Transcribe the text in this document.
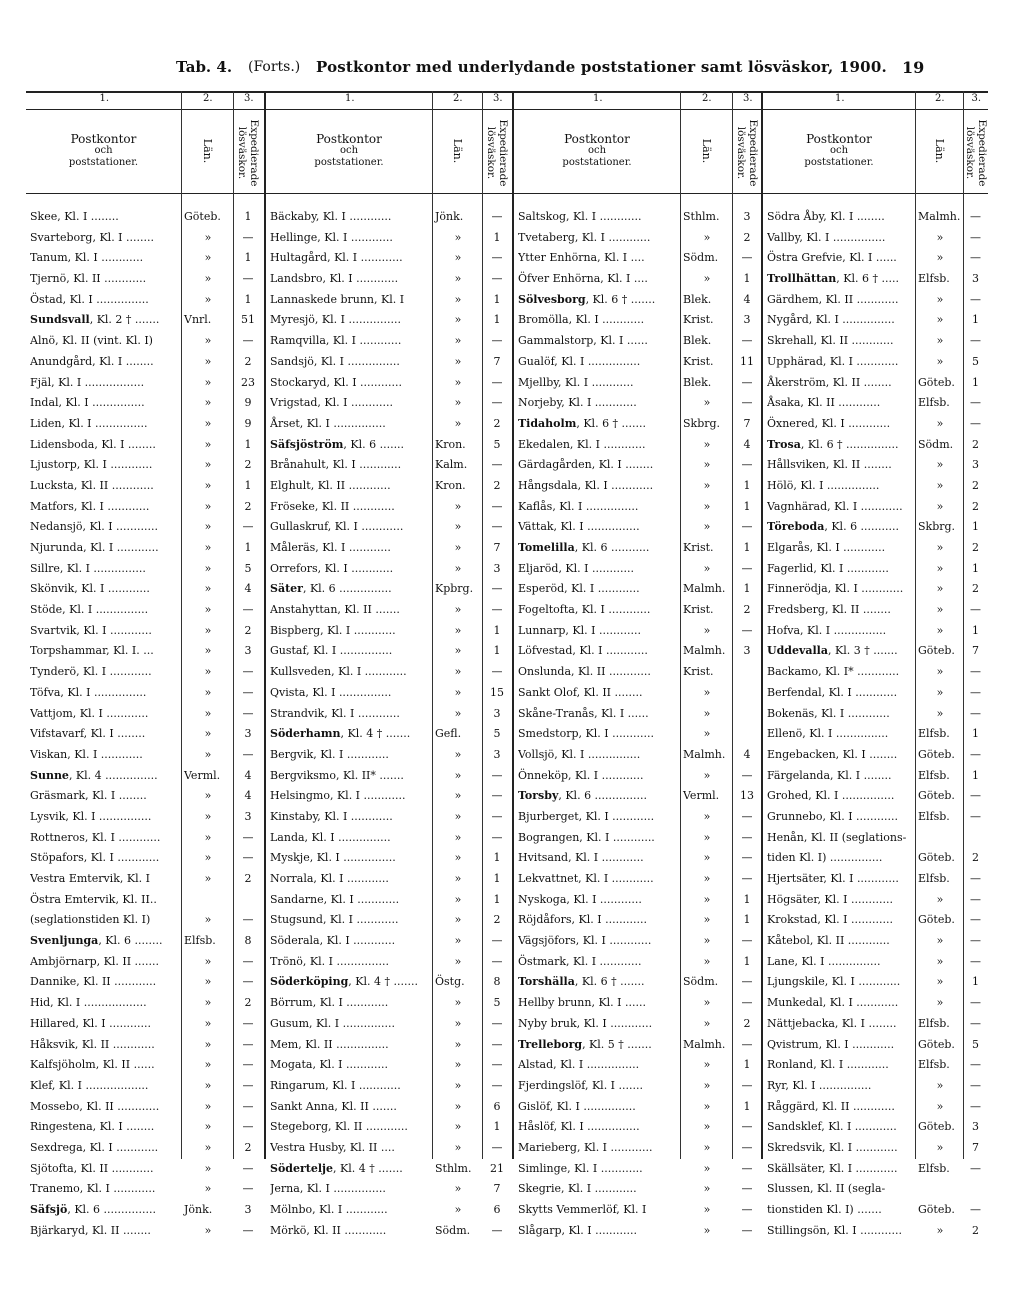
Tab. 4. (Forts.) Postkontor med underlydande poststationer samt lösväskor, 1900. 19
1.	2.	3.
Postkontor
och
poststationer.	Län.	Expedierade lösväskor.
Skee, Kl. I ........	Göteb.	1
Svarteborg, Kl. I ........	»	—
Tanum, Kl. I ............	»	1
Tjernö, Kl. II ............	»	—
Östad, Kl. I ...............	»	1
Sundsvall, Kl. 2 † .......	Vnrl.	51
Alnö, Kl. II (vint. Kl. I)	»	—
Anundgård, Kl. I ........	»	2
Fjäl, Kl. I .................	»	23
Indal, Kl. I ...............	»	9
Liden, Kl. I ...............	»	9
Lidensboda, Kl. I ........	»	1
Ljustorp, Kl. I ............	»	2
Lucksta, Kl. II ............	»	1
Matfors, Kl. I ............	»	2
Nedansjö, Kl. I ............	»	—
Njurunda, Kl. I ............	»	1
Sillre, Kl. I ...............	»	5
Skönvik, Kl. I ............	»	4
Stöde, Kl. I ...............	»	—
Svartvik, Kl. I ............	»	2
Torpshammar, Kl. I. ...	»	3
Tynderö, Kl. I ............	»	—
Töfva, Kl. I ...............	»	—
Vattjom, Kl. I ............	»	—
Vifstavarf, Kl. I ........	»	3
Viskan, Kl. I ............	»	—
Sunne, Kl. 4 ...............	Verml.	4
Gräsmark, Kl. I ........	»	4
Lysvik, Kl. I ...............	»	3
Rottneros, Kl. I ............	»	—
Stöpafors, Kl. I ............	»	—
Vestra Emtervik, Kl. I	»	2
Östra Emtervik, Kl. II..
(seglationstiden Kl. I)	»	—
Svenljunga, Kl. 6 ........	Elfsb.	8
Ambjörnarp, Kl. II .......	»	—
Dannike, Kl. II ............	»	—
Hid, Kl. I ..................	»	2
Hillared, Kl. I ............	»	—
Håksvik, Kl. II ............	»	—
Kalfsjöholm, Kl. II ......	»	—
Klef, Kl. I ..................	»	—
Mossebo, Kl. II ............	»	—
Ringestena, Kl. I ........	»	—
Sexdrega, Kl. I ............	»	2
Sjötofta, Kl. II ............	»	—
Tranemo, Kl. I ............	»	—
Säfsjö, Kl. 6 ...............	Jönk.	3
Bjärkaryd, Kl. II ........	»	—
1.	2.	3.
Postkontor
och
poststationer.	Län.	Expedierade lösväskor.
Bäckaby, Kl. I ............	Jönk.	—
Hellinge, Kl. I ............	»	1
Hultagård, Kl. I ............	»	—
Landsbro, Kl. I ............	»	—
Lannaskede brunn, Kl. I	»	1
Myresjö, Kl. I ...............	»	1
Ramqvilla, Kl. I ............	»	—
Sandsjö, Kl. I ...............	»	7
Stockaryd, Kl. I ............	»	—
Vrigstad, Kl. I ............	»	—
Årset, Kl. I ...............	»	2
Säfsjöström, Kl. 6 .......	Kron.	5
Brånahult, Kl. I ............	Kalm.	—
Elghult, Kl. II ............	Kron.	2
Fröseke, Kl. II ............	»	—
Gullaskruf, Kl. I ............	»	—
Måleräs, Kl. I ............	»	7
Orrefors, Kl. I ............	»	3
Säter, Kl. 6 ...............	Kpbrg.	—
Anstahyttan, Kl. II .......	»	—
Bispberg, Kl. I ............	»	1
Gustaf, Kl. I ...............	»	1
Kullsveden, Kl. I ............	»	—
Qvista, Kl. I ...............	»	15
Strandvik, Kl. I ............	»	3
Söderhamn, Kl. 4 † .......	Gefl.	5
Bergvik, Kl. I ............	»	3
Bergviksmo, Kl. II* .......	»	—
Helsingmo, Kl. I ............	»	—
Kinstaby, Kl. I ............	»	—
Landa, Kl. I ...............	»	—
Myskje, Kl. I ...............	»	1
Norrala, Kl. I ............	»	1
Sandarne, Kl. I ............	»	1
Stugsund, Kl. I ............	»	2
Söderala, Kl. I ............	»	—
Trönö, Kl. I ...............	»	—
Söderköping, Kl. 4 † .......	Östg.	8
Börrum, Kl. I ............	»	5
Gusum, Kl. I ...............	»	—
Mem, Kl. II ...............	»	—
Mogata, Kl. I ............	»	—
Ringarum, Kl. I ............	»	—
Sankt Anna, Kl. II .......	»	6
Stegeborg, Kl. II ............	»	1
Vestra Husby, Kl. II ....	»	—
Södertelje, Kl. 4 † .......	Sthlm.	21
Jerna, Kl. I ...............	»	7
Mölnbo, Kl. I ............	»	6
Mörkö, Kl. II ............	Södm.	—
1.	2.	3.
Postkontor
och
poststationer.	Län.	Expedierade lösväskor.
Saltskog, Kl. I ............	Sthlm.	3
Tvetaberg, Kl. I ............	»	2
Ytter Enhörna, Kl. I ....	Södm.	—
Öfver Enhörna, Kl. I ....	»	1
Sölvesborg, Kl. 6 † .......	Blek.	4
Bromölla, Kl. I ............	Krist.	3
Gammalstorp, Kl. I ......	Blek.	—
Gualöf, Kl. I ...............	Krist.	11
Mjellby, Kl. I ............	Blek.	—
Norjeby, Kl. I ............	»	—
Tidaholm, Kl. 6 † .......	Skbrg.	7
Ekedalen, Kl. I ............	»	4
Gärdagården, Kl. I ........	»	—
Hångsdala, Kl. I ............	»	1
Kaflås, Kl. I ...............	»	1
Vättak, Kl. I ...............	»	—
Tomelilla, Kl. 6 ...........	Krist.	1
Eljaröd, Kl. I ............	»	—
Esperöd, Kl. I ............	Malmh.	1
Fogeltofta, Kl. I ............	Krist.	2
Lunnarp, Kl. I ............	»	—
Löfvestad, Kl. I ............	Malmh.	3
Onslunda, Kl. II ............	Krist.
Sankt Olof, Kl. II ........	»
Skåne-Tranås, Kl. I ......	»
Smedstorp, Kl. I ............	»
Vollsjö, Kl. I ...............	Malmh.	4
Önneköp, Kl. I ............	»	—
Torsby, Kl. 6 ...............	Verml.	13
Bjurberget, Kl. I ............	»	—
Bograngen, Kl. I ............	»	—
Hvitsand, Kl. I ............	»	—
Lekvattnet, Kl. I ............	»	—
Nyskoga, Kl. I ............	»	1
Röjdåfors, Kl. I ............	»	1
Vägsjöfors, Kl. I ............	»	—
Östmark, Kl. I ............	»	1
Torshälla, Kl. 6 † .......	Södm.	—
Hellby brunn, Kl. I ......	»	—
Nyby bruk, Kl. I ............	»	2
Trelleborg, Kl. 5 † .......	Malmh.	—
Alstad, Kl. I ...............	»	1
Fjerdingslöf, Kl. I .......	»	—
Gislöf, Kl. I ...............	»	1
Håslöf, Kl. I ...............	»	—
Marieberg, Kl. I ............	»	—
Simlinge, Kl. I ............	»	—
Skegrie, Kl. I ............	»	—
Skytts Vemmerlöf, Kl. I	»	—
Slågarp, Kl. I ............	»	—
1.	2.	3.
Postkontor
och
poststationer.	Län.	Expedierade lösväskor.
Södra Åby, Kl. I ........	Malmh. —
Vallby, Kl. I ...............	»	—
Östra Grefvie, Kl. I ......	»	—
Trollhättan, Kl. 6 † .....	Elfsb.	3
Gärdhem, Kl. II ............	»	—
Nygård, Kl. I ...............	»	1
Skrehall, Kl. II ............	»	—
Upphärad, Kl. I ............	»	5
Åkerström, Kl. II ........	Göteb.	1
Åsaka, Kl. II ............	Elfsb.	—
Öxnered, Kl. I ............	»	—
Trosa, Kl. 6 † ...............	Södm.	2
Hållsviken, Kl. II ........	»	3
Hölö, Kl. I ...............	»	2
Vagnhärad, Kl. I ............	»	2
Töreboda, Kl. 6 ...........	Skbrg.	1
Elgarås, Kl. I ............	»	2
Fagerlid, Kl. I ............	»	1
Finnerödja, Kl. I ............	»	2
Fredsberg, Kl. II ........	»	—
Hofva, Kl. I ...............	»	1
Uddevalla, Kl. 3 † .......	Göteb.	7
Backamo, Kl. I* ............	»	—
Berfendal, Kl. I ............	»	—
Bokenäs, Kl. I ............	»	—
Ellenö, Kl. I ...............	Elfsb.	1
Engebacken, Kl. I ........	Göteb.	—
Färgelanda, Kl. I ........	Elfsb.	1
Grohed, Kl. I ...............	Göteb.	—
Grunnebo, Kl. I ............	Elfsb.	—
Henån, Kl. II (seglations-
tiden Kl. I) ...............	Göteb.	2
Hjertsäter, Kl. I ............	Elfsb.	—
Högsäter, Kl. I ............	»	—
Krokstad, Kl. I ............	Göteb.	—
Kåtebol, Kl. II ............	»	—
Lane, Kl. I ...............	»	—
Ljungskile, Kl. I ............	»	1
Munkedal, Kl. I ............	»	—
Nättjebacka, Kl. I ........	Elfsb.	—
Qvistrum, Kl. I ............	Göteb.	5
Ronland, Kl. I ............	Elfsb.	—
Ryr, Kl. I ...............	»	—
Råggärd, Kl. II ............	»	—
Sandsklef, Kl. I ............	Göteb.	3
Skredsvik, Kl. I ............	»	7
Skällsäter, Kl. I ............	Elfsb.	—
Slussen, Kl. II (segla-
tionstiden Kl. I) .......	Göteb.	—
Stillingsön, Kl. I ............	»	2
